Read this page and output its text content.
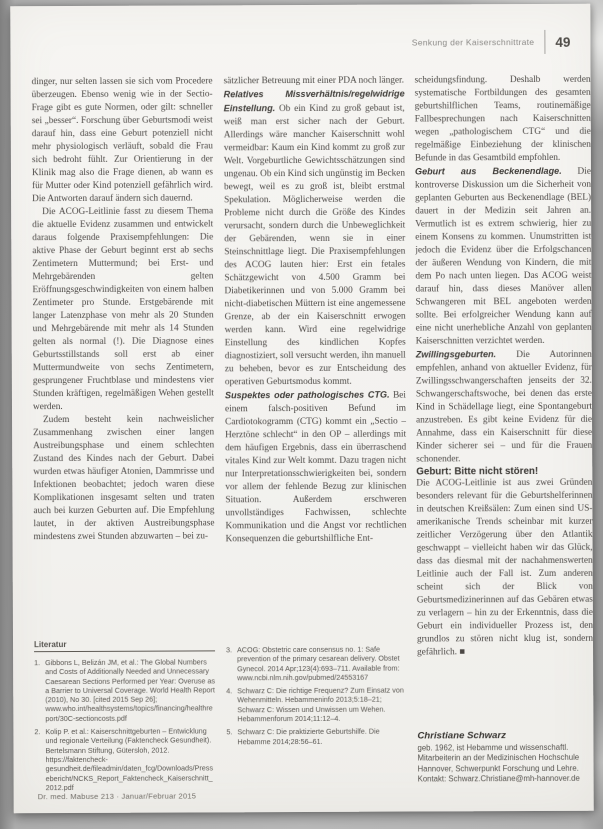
Senkung der Kaiserschnittrate 49

dinger, nur selten lassen sie sich vom Procedere überzeugen. Ebenso wenig wie in der Sectio-Frage gibt es gute Normen, oder gilt: schneller sei „besser“. Forschung über Geburtsmodi weist darauf hin, dass eine Geburt potenziell nicht mehr physiologisch verläuft, sobald die Frau sich bedroht fühlt. Zur Orientierung in der Klinik mag also die Frage dienen, ab wann es für Mutter oder Kind potenziell gefährlich wird. Die Antworten darauf ändern sich dauernd.

Die ACOG-Leitlinie fasst zu diesem Thema die aktuelle Evidenz zusammen und entwickelt daraus folgende Praxisempfehlungen: Die aktive Phase der Geburt beginnt erst ab sechs Zentimetern Muttermund; bei Erst- und Mehrgebärenden gelten Eröffnungsgeschwindigkeiten von einem halben Zentimeter pro Stunde. Erstgebärende mit langer Latenzphase von mehr als 20 Stunden und Mehrgebärende mit mehr als 14 Stunden gelten als normal (!). Die Diagnose eines Geburtsstillstands soll erst ab einer Muttermundweite von sechs Zentimetern, gesprungener Fruchtblase und mindestens vier Stunden kräftigen, regelmäßigen Wehen gestellt werden.

Zudem besteht kein nachweislicher Zusammenhang zwischen einer langen Austreibungsphase und einem schlechten Zustand des Kindes nach der Geburt. Dabei wurden etwas häufiger Atonien, Dammrisse und Infektionen beobachtet; jedoch waren diese Komplikationen insgesamt selten und traten auch bei kurzen Geburten auf. Die Empfehlung lautet, in der aktiven Austreibungsphase mindestens zwei Stunden abzuwarten – bei zu-

sätzlicher Betreuung mit einer PDA noch länger.

Relatives Missverhältnis/regelwidrige Einstellung. Ob ein Kind zu groß gebaut ist, weiß man erst sicher nach der Geburt. Allerdings wäre mancher Kaiserschnitt wohl vermeidbar: Kaum ein Kind kommt zu groß zur Welt. Vorgeburtliche Gewichtsschätzungen sind ungenau. Ob ein Kind sich ungünstig im Becken bewegt, weil es zu groß ist, bleibt erstmal Spekulation. Möglicherweise werden die Probleme nicht durch die Größe des Kindes verursacht, sondern durch die Unbeweglichkeit der Gebärenden, wenn sie in einer Steinschnittlage liegt. Die Praxisempfehlungen des ACOG lauten hier: Erst ein fetales Schätzgewicht von 4.500 Gramm bei Diabetikerinnen und von 5.000 Gramm bei nicht-diabetischen Müttern ist eine angemessene Grenze, ab der ein Kaiserschnitt erwogen werden kann. Wird eine regelwidrige Einstellung des kindlichen Kopfes diagnostiziert, soll versucht werden, ihn manuell zu beheben, bevor es zur Entscheidung des operativen Geburtsmodus kommt.

Suspektes oder pathologisches CTG. Bei einem falsch-positiven Befund im Cardiotokogramm (CTG) kommt ein „Sectio – Herztöne schlecht“ in den OP – allerdings mit dem häufigen Ergebnis, dass ein überraschend vitales Kind zur Welt kommt. Dazu tragen nicht nur Interpretationsschwierigkeiten bei, sondern vor allem der fehlende Bezug zur klinischen Situation. Außerdem erschweren unvollständiges Fachwissen, schlechte Kommunikation und die Angst vor rechtlichen Konsequenzen die geburtshilfliche Ent-

scheidungsfindung. Deshalb werden systematische Fortbildungen des gesamten geburtshilflichen Teams, routinemäßige Fallbesprechungen nach Kaiserschnitten wegen „pathologischem CTG“ und die regelmäßige Einbeziehung der klinischen Befunde in das Gesamtbild empfohlen.

Geburt aus Beckenendlage. Die kontroverse Diskussion um die Sicherheit von geplanten Geburten aus Beckenendlage (BEL) dauert in der Medizin seit Jahren an. Vermutlich ist es extrem schwierig, hier zu einem Konsens zu kommen. Unumstritten ist jedoch die Evidenz über die Erfolgschancen der äußeren Wendung von Kindern, die mit dem Po nach unten liegen. Das ACOG weist darauf hin, dass dieses Manöver allen Schwangeren mit BEL angeboten werden sollte. Bei erfolgreicher Wendung kann auf eine nicht unerhebliche Anzahl von geplanten Kaiserschnitten verzichtet werden.

Zwillingsgeburten. Die Autorinnen empfehlen, anhand von aktueller Evidenz, für Zwillingsschwangerschaften jenseits der 32. Schwangerschaftswoche, bei denen das erste Kind in Schädellage liegt, eine Spontangeburt anzustreben. Es gibt keine Evidenz für die Annahme, dass ein Kaiserschnitt für diese Kinder sicherer sei – und für die Frauen schonender.

Geburt: Bitte nicht stören!

Die ACOG-Leitlinie ist aus zwei Gründen besonders relevant für die Geburtshelferinnen in deutschen Kreißsälen: Zum einen sind US-amerikanische Trends scheinbar mit kurzer zeitlicher Verzögerung über den Atlantik geschwappt – vielleicht haben wir das Glück, dass das diesmal mit der nachahmenswerten Leitlinie auch der Fall ist. Zum anderen scheint sich der Blick von Geburtsmedizinerinnen auf das Gebären etwas zu verlagern – hin zu der Erkenntnis, dass die Geburt ein individueller Prozess ist, den grundlos zu stören nicht klug ist, sondern gefährlich. ■

Literatur
1. Gibbons L, Belizán JM, et al.: The Global Numbers and Costs of Additionally Needed and Unnecessary Caesarean Sections Performed per Year: Overuse as a Barrier to Universal Coverage. World Health Report (2010), No 30. [cited 2015 Sep 26]; www.who.int/healthsystems/topics/financing/healthreport/30C-sectioncosts.pdf
2. Kolip P. et al.: Kaiserschnittgeburten – Entwicklung und regionale Verteilung (Faktencheck Gesundheit). Bertelsmann Stiftung, Gütersloh, 2012. https://faktencheck-gesundheit.de/fileadmin/daten_fcg/Downloads/Pressebericht/NCKS_Report_Faktencheck_Kaiserschnitt_2012.pdf
3. ACOG: Obstetric care consensus no. 1: Safe prevention of the primary cesarean delivery. Obstet Gynecol. 2014 Apr;123(4):693–711. Available from: www.ncbi.nlm.nih.gov/pubmed/24553167
4. Schwarz C: Die richtige Frequenz? Zum Einsatz von Wehenmitteln. Hebammeninfo 2013;5:18–21; Schwarz C: Wissen und Unwissen um Wehen. Hebammenforum 2014;11:12–4.
5. Schwarz C: Die praktizierte Geburtshilfe. Die Hebamme 2014;28:56–61.	Christiane Schwarz
geb. 1962, ist Hebamme und wissenschaftl. Mitarbeiterin an der Medizinischen Hochschule Hannover, Schwerpunkt Forschung und Lehre.
Kontakt: Schwarz.Christiane@mh-hannover.de
Dr. med. Mabuse 213 · Januar/Februar 2015
